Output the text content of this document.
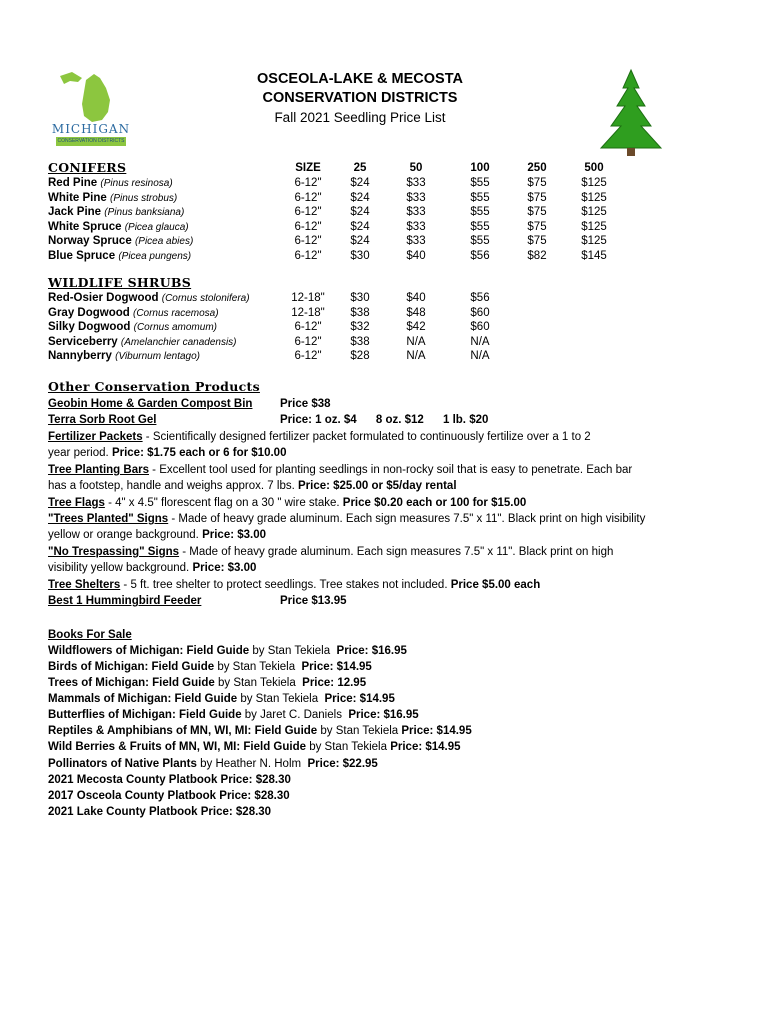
MICHIGAN
CONSERVATION DISTRICTS
OSCEOLA-LAKE & MECOSTA
CONSERVATION DISTRICTS
Fall 2021 Seedling Price List
CONIFERS	SIZE	25	50	100	250	500
Red Pine (Pinus resinosa)	6-12"	$24	$33	$55	$75	$125
White Pine (Pinus strobus)	6-12"	$24	$33	$55	$75	$125
Jack Pine (Pinus banksiana)	6-12"	$24	$33	$55	$75	$125
White Spruce (Picea glauca)	6-12"	$24	$33	$55	$75	$125
Norway Spruce (Picea abies)	6-12"	$24	$33	$55	$75	$125
Blue Spruce (Picea pungens)	6-12"	$30	$40	$56	$82	$145
WILDLIFE SHRUBS
Red-Osier Dogwood (Cornus stolonifera)	12-18"	$30	$40	$56
Gray Dogwood (Cornus racemosa)	12-18"	$38	$48	$60
Silky Dogwood (Cornus amomum)	6-12"	$32	$42	$60
Serviceberry (Amelanchier canadensis)	6-12"	$38	N/A	N/A
Nannyberry (Viburnum lentago)	6-12"	$28	N/A	N/A
Other Conservation Products
Geobin Home & Garden Compost Bin Price $38
Terra Sorb Root Gel	Price: 1 oz. $4      8 oz. $12      1 lb. $20
Fertilizer Packets - Scientifically designed fertilizer packet formulated to continuously fertilize over a 1 to 2
year period. Price: $1.75 each or 6 for $10.00
Tree Planting Bars - Excellent tool used for planting seedlings in non-rocky soil that is easy to penetrate. Each bar
has a footstep, handle and weighs approx. 7 lbs. Price: $25.00 or $5/day rental
Tree Flags - 4" x 4.5" florescent flag on a 30 " wire stake. Price $0.20 each or 100 for $15.00
"Trees Planted" Signs - Made of heavy grade aluminum. Each sign measures 7.5" x 11". Black print on high visibility
yellow or orange background. Price: $3.00
"No Trespassing" Signs - Made of heavy grade aluminum. Each sign measures 7.5" x 11". Black print on high
visibility yellow background. Price: $3.00
Tree Shelters - 5 ft. tree shelter to protect seedlings. Tree stakes not included. Price $5.00 each
Best 1 Hummingbird Feeder	Price $13.95
Books For Sale
Wildflowers of Michigan: Field Guide by Stan Tekiela  Price: $16.95
Birds of Michigan: Field Guide by Stan Tekiela  Price: $14.95
Trees of Michigan: Field Guide by Stan Tekiela  Price: 12.95
Mammals of Michigan: Field Guide by Stan Tekiela  Price: $14.95
Butterflies of Michigan: Field Guide by Jaret C. Daniels  Price: $16.95
Reptiles & Amphibians of MN, WI, MI: Field Guide by Stan Tekiela Price: $14.95
Wild Berries & Fruits of MN, WI, MI: Field Guide by Stan Tekiela Price: $14.95
Pollinators of Native Plants by Heather N. Holm  Price: $22.95
2021 Mecosta County Platbook Price: $28.30
2017 Osceola County Platbook Price: $28.30
2021 Lake County Platbook Price: $28.30
